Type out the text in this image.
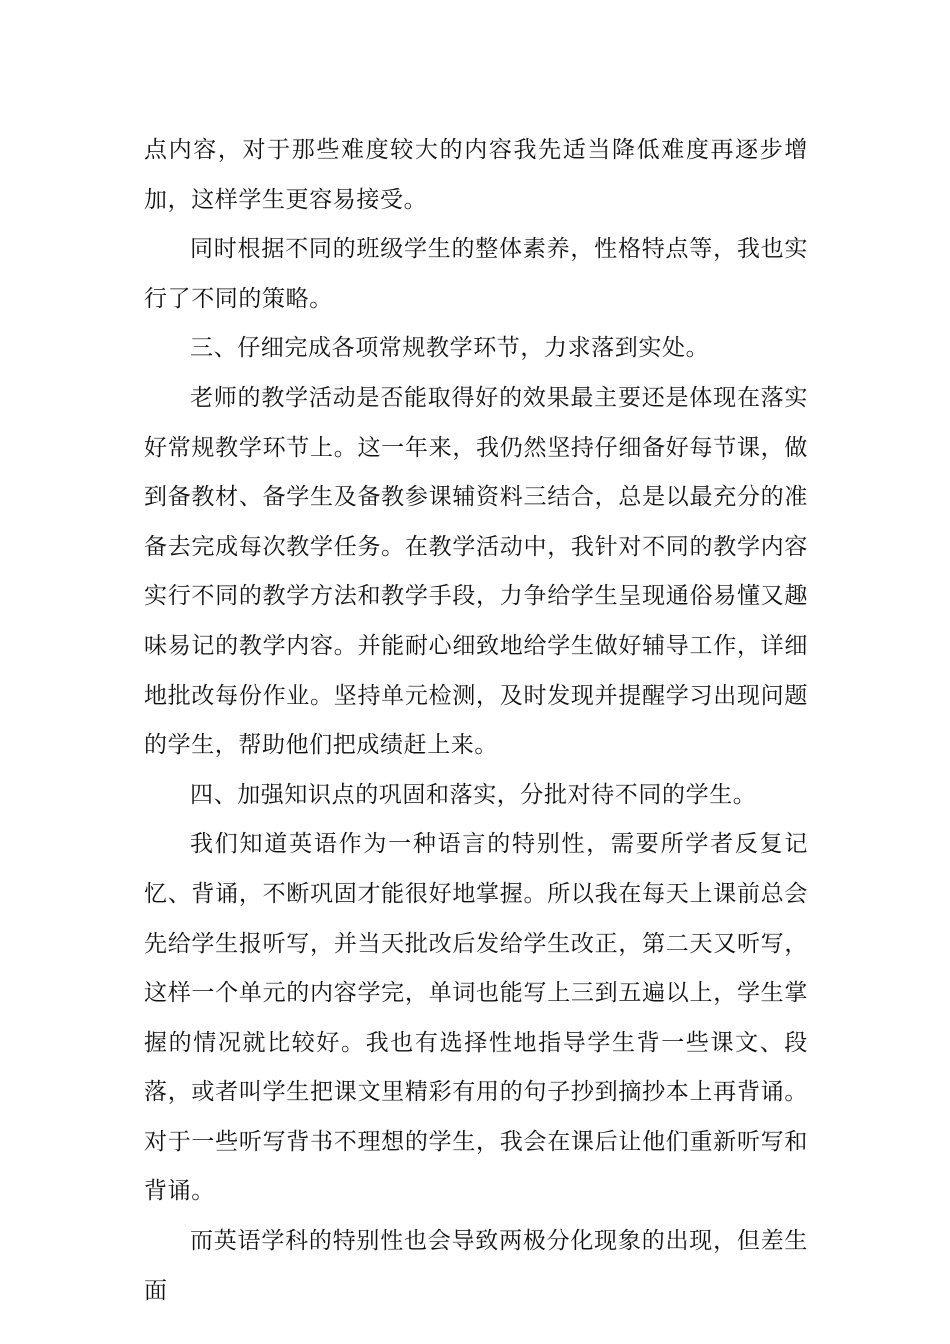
点内容，对于那些难度较大的内容我先适当降低难度再逐步增加，这样学生更容易接受。

同时根据不同的班级学生的整体素养，性格特点等，我也实行了不同的策略。

三、仔细完成各项常规教学环节，力求落到实处。

老师的教学活动是否能取得好的效果最主要还是体现在落实好常规教学环节上。这一年来，我仍然坚持仔细备好每节课，做到备教材、备学生及备教参课辅资料三结合，总是以最充分的准备去完成每次教学任务。在教学活动中，我针对不同的教学内容实行不同的教学方法和教学手段，力争给学生呈现通俗易懂又趣味易记的教学内容。并能耐心细致地给学生做好辅导工作，详细地批改每份作业。坚持单元检测，及时发现并提醒学习出现问题的学生，帮助他们把成绩赶上来。

四、加强知识点的巩固和落实，分批对待不同的学生。

我们知道英语作为一种语言的特别性，需要所学者反复记忆、背诵，不断巩固才能很好地掌握。所以我在每天上课前总会先给学生报听写，并当天批改后发给学生改正，第二天又听写，这样一个单元的内容学完，单词也能写上三到五遍以上，学生掌握的情况就比较好。我也有选择性地指导学生背一些课文、段落，或者叫学生把课文里精彩有用的句子抄到摘抄本上再背诵。对于一些听写背书不理想的学生，我会在课后让他们重新听写和背诵。

而英语学科的特别性也会导致两极分化现象的出现，但差生面
